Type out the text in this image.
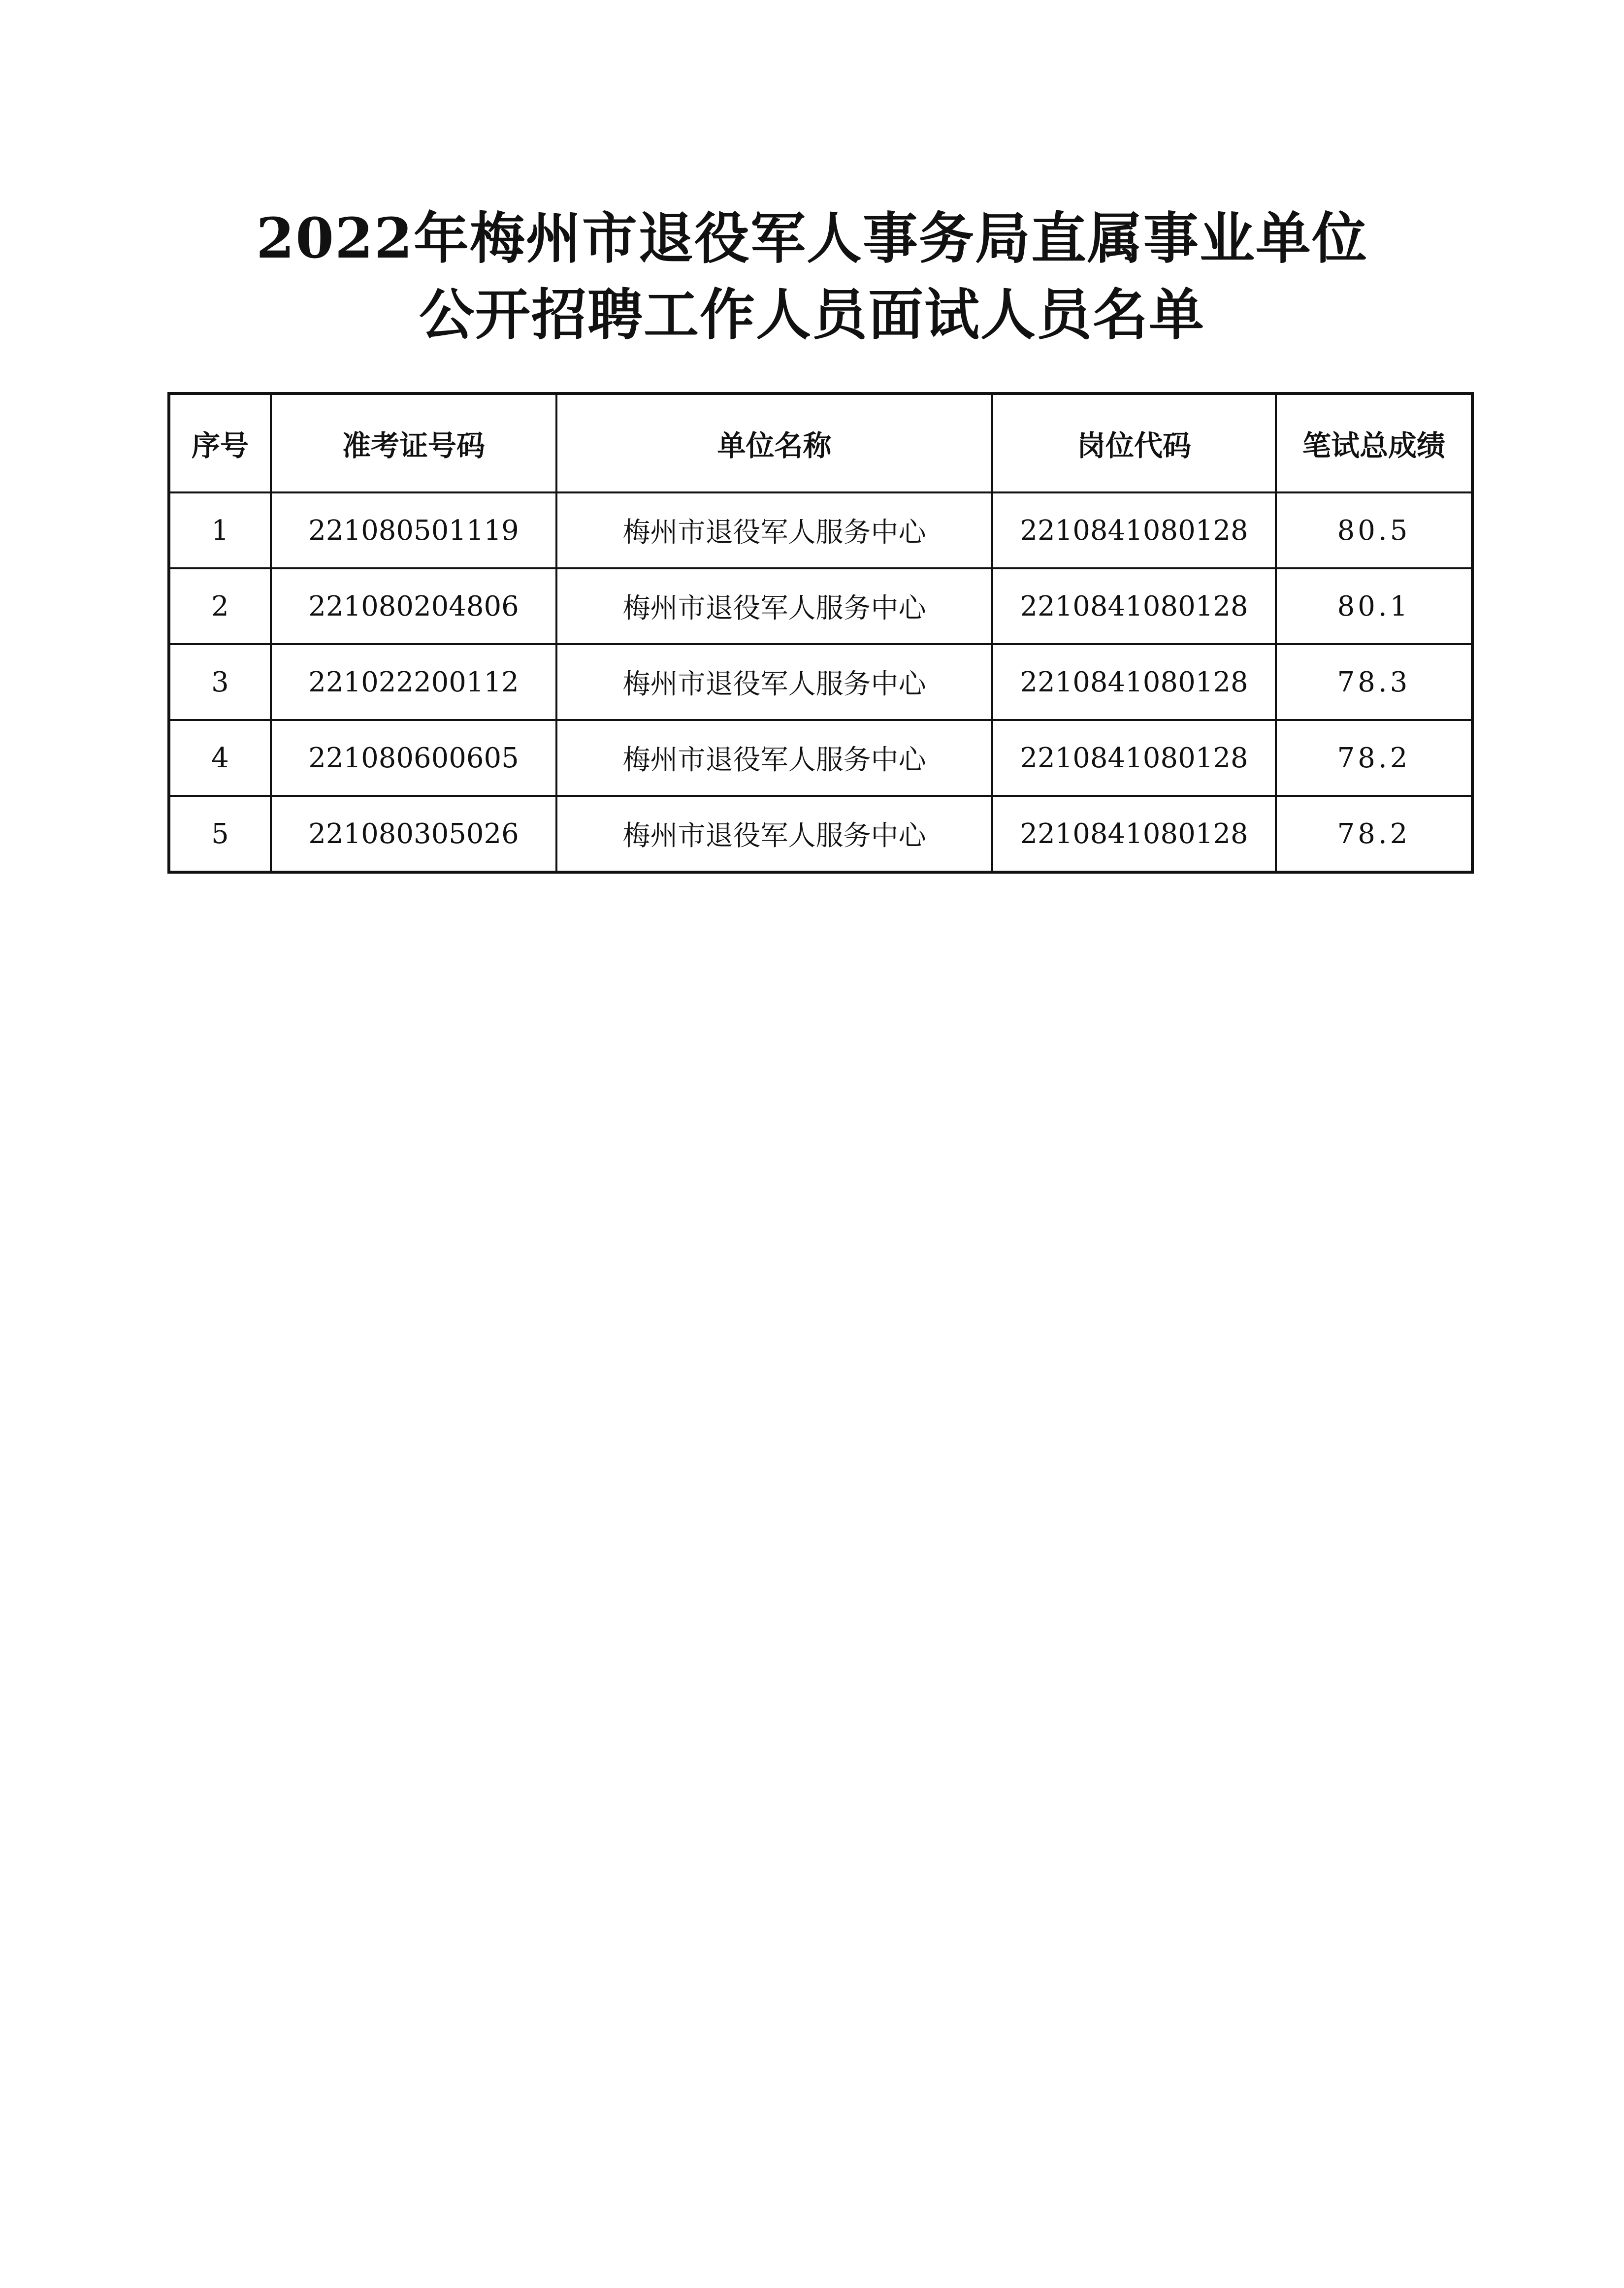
2022年梅州市退役军人事务局直属事业单位
公开招聘工作人员面试人员名单
序号	准考证号码	单位名称	岗位代码	笔试总成绩
1	221080501119	梅州市退役军人服务中心	2210841080128	80.5
2	221080204806	梅州市退役军人服务中心	2210841080128	80.1
3	221022200112	梅州市退役军人服务中心	2210841080128	78.3
4	221080600605	梅州市退役军人服务中心	2210841080128	78.2
5	221080305026	梅州市退役军人服务中心	2210841080128	78.2
